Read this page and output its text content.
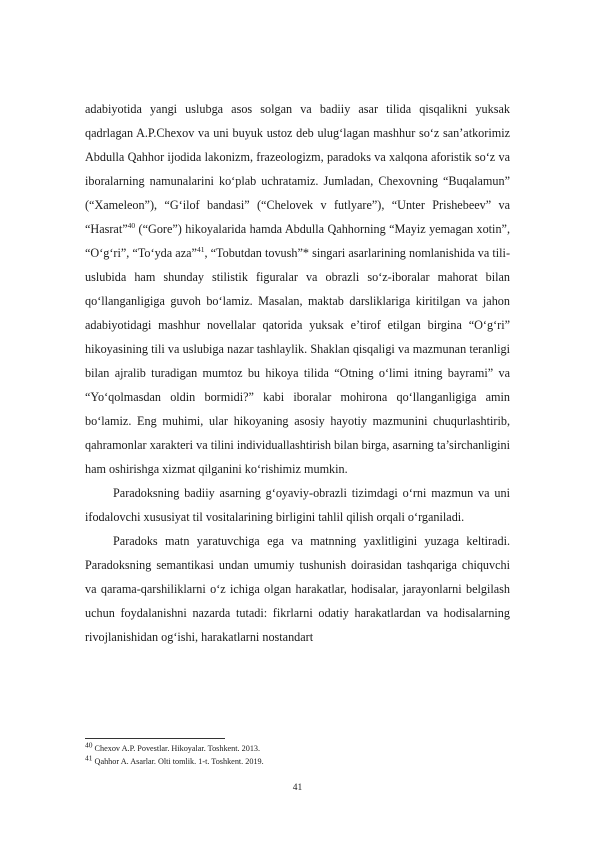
adabiyotida yangi uslubga asos solgan va badiiy asar tilida qisqalikni yuksak qadrlagan A.P.Chexov va uni buyuk ustoz deb ulug‘lagan mashhur so‘z san’atkorimiz Abdulla Qahhor ijodida lakonizm, frazeologizm, paradoks va xalqona aforistik so‘z va iboralarning namunalarini ko‘plab uchratamiz. Jumladan, Chexovning “Buqalamun” (“Xameleon”), “G‘ilof bandasi” (“Chelovek v futlyare”), “Unter Prishebeev” va “Hasrat”$^{40}$ (“Gore”) hikoyalarida hamda Abdulla Qahhorning “Mayiz yemagan xotin”, “O‘g‘ri”, “To‘yda aza”$^{41}$, “Tobutdan tovush”* singari asarlarining nomlanishida va tili-uslubida ham shunday stilistik figuralar va obrazli so‘z-iboralar mahorat bilan qo‘llanganligiga guvoh bo‘lamiz. Masalan, maktab darsliklariga kiritilgan va jahon adabiyotidagi mashhur novellalar qatorida yuksak e’tirof etilgan birgina “O‘g‘ri” hikoyasining tili va uslubiga nazar tashlaylik. Shaklan qisqaligi va mazmunan teranligi bilan ajralib turadigan mumtoz bu hikoya tilida “Otning o‘limi itning bayrami” va “Yo‘qolmasdan oldin bormidi?” kabi iboralar mohirona qo‘llanganligiga amin bo‘lamiz. Eng muhimi, ular hikoyaning asosiy hayotiy mazmunini chuqurlashtirib, qahramonlar xarakteri va tilini individuallashtirish bilan birga, asarning ta’sirchanligini ham oshirishga xizmat qilganini ko‘rishimiz mumkin.

Paradoksning badiiy asarning g‘oyaviy-obrazli tizimdagi o‘rni mazmun va uni ifodalovchi xususiyat til vositalarining birligini tahlil qilish orqali o‘rganiladi.

Paradoks matn yaratuvchiga ega va matnning yaxlitligini yuzaga keltiradi. Paradoksning semantikasi undan umumiy tushunish doirasidan tashqariga chiquvchi va qarama-qarshiliklarni o‘z ichiga olgan harakatlar, hodisalar, jarayonlarni belgilash uchun foydalanishni nazarda tutadi: fikrlarni odatiy harakatlardan va hodisalarning rivojlanishidan og‘ishi, harakatlarni nostandart

$^{40}$ Chexov A.P. Povestlar. Hikoyalar. Toshkent. 2013.
$^{41}$ Qahhor A. Asarlar. Olti tomlik. 1-t. Toshkent. 2019.
41
